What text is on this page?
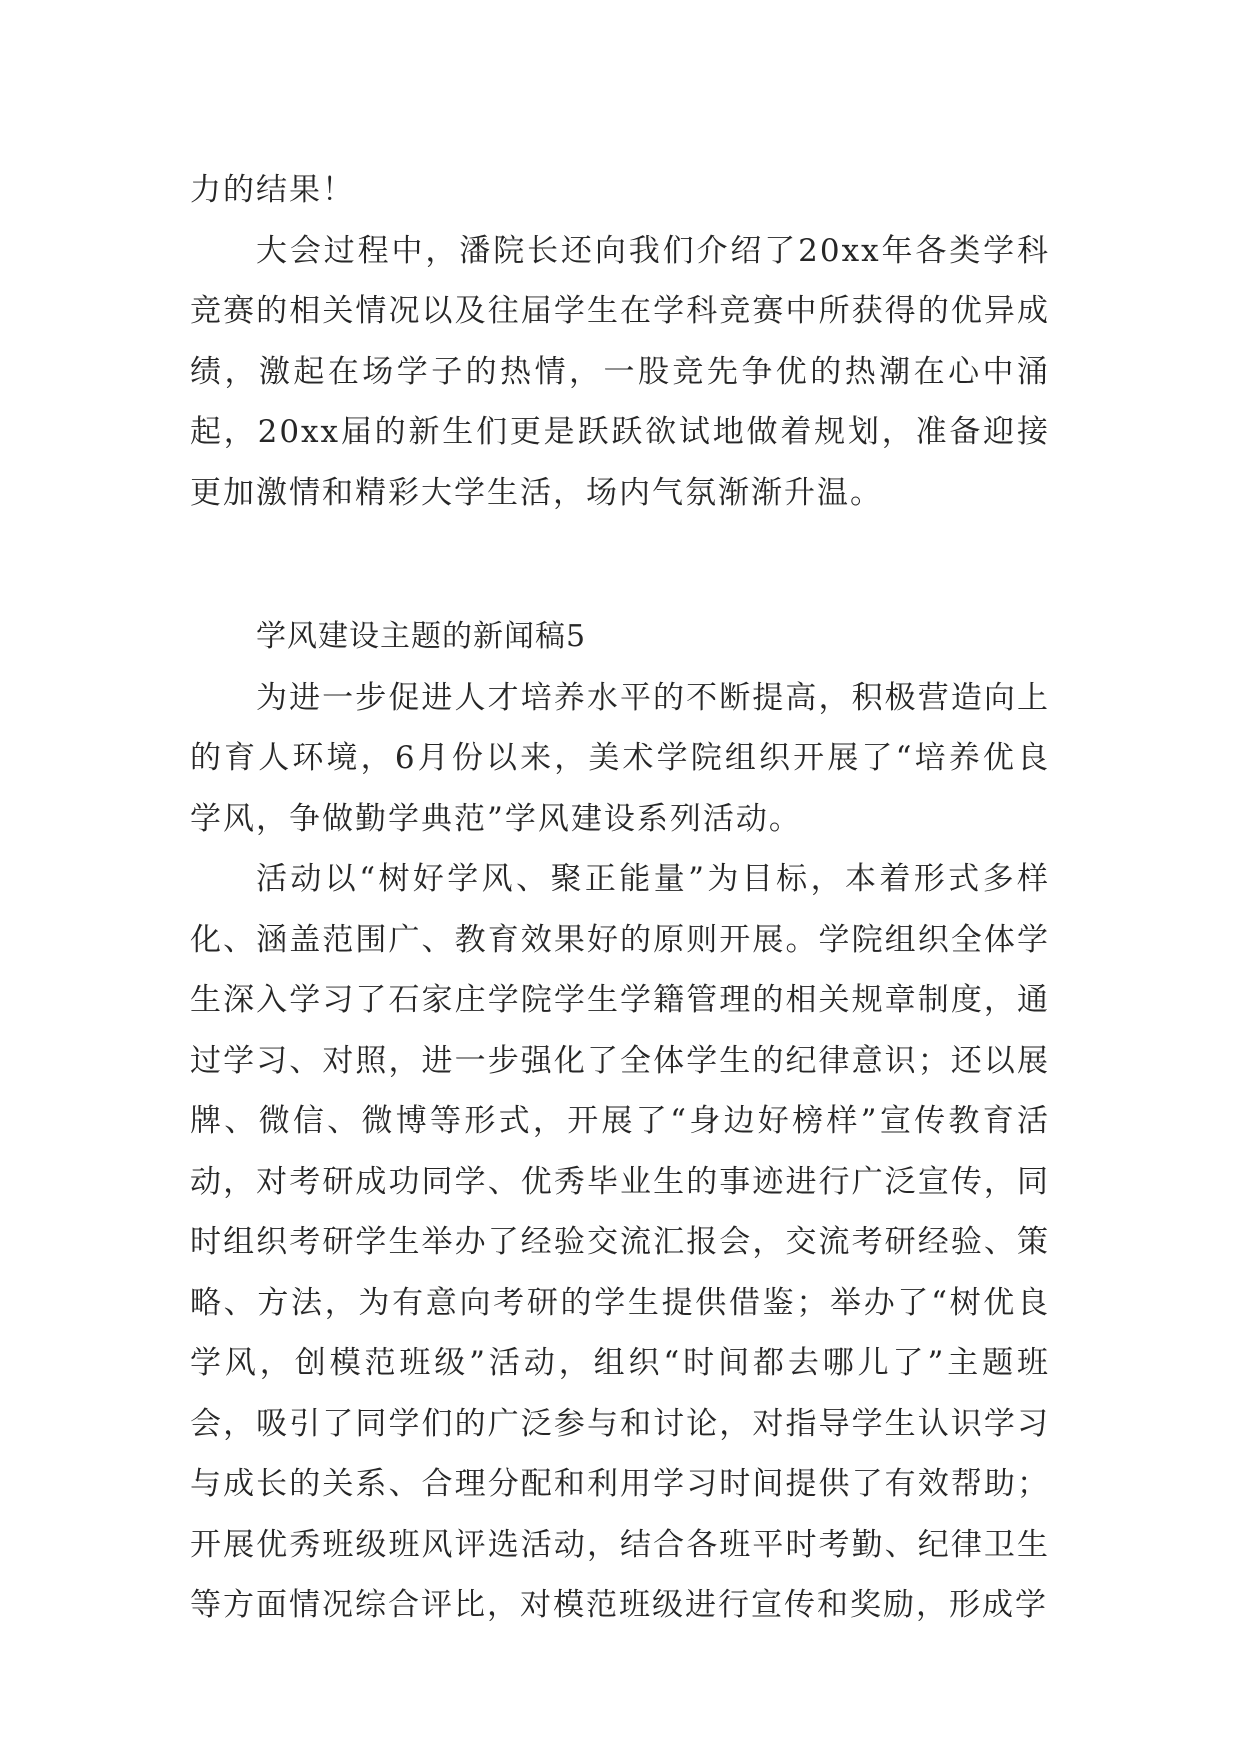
力的结果！

大会过程中，潘院长还向我们介绍了20xx年各类学科竞赛的相关情况以及往届学生在学科竞赛中所获得的优异成绩，激起在场学子的热情，一股竞先争优的热潮在心中涌起，20xx届的新生们更是跃跃欲试地做着规划，准备迎接更加激情和精彩大学生活，场内气氛渐渐升温。

学风建设主题的新闻稿5

为进一步促进人才培养水平的不断提高，积极营造向上的育人环境，6月份以来，美术学院组织开展了“培养优良学风，争做勤学典范”学风建设系列活动。

活动以“树好学风、聚正能量”为目标，本着形式多样化、涵盖范围广、教育效果好的原则开展。学院组织全体学生深入学习了石家庄学院学生学籍管理的相关规章制度，通过学习、对照，进一步强化了全体学生的纪律意识；还以展牌、微信、微博等形式，开展了“身边好榜样”宣传教育活动，对考研成功同学、优秀毕业生的事迹进行广泛宣传，同时组织考研学生举办了经验交流汇报会，交流考研经验、策略、方法，为有意向考研的学生提供借鉴；举办了“树优良学风，创模范班级”活动，组织“时间都去哪儿了”主题班会，吸引了同学们的广泛参与和讨论，对指导学生认识学习与成长的关系、合理分配和利用学习时间提供了有效帮助；开展优秀班级班风评选活动，结合各班平时考勤、纪律卫生等方面情况综合评比，对模范班级进行宣传和奖励，形成学
